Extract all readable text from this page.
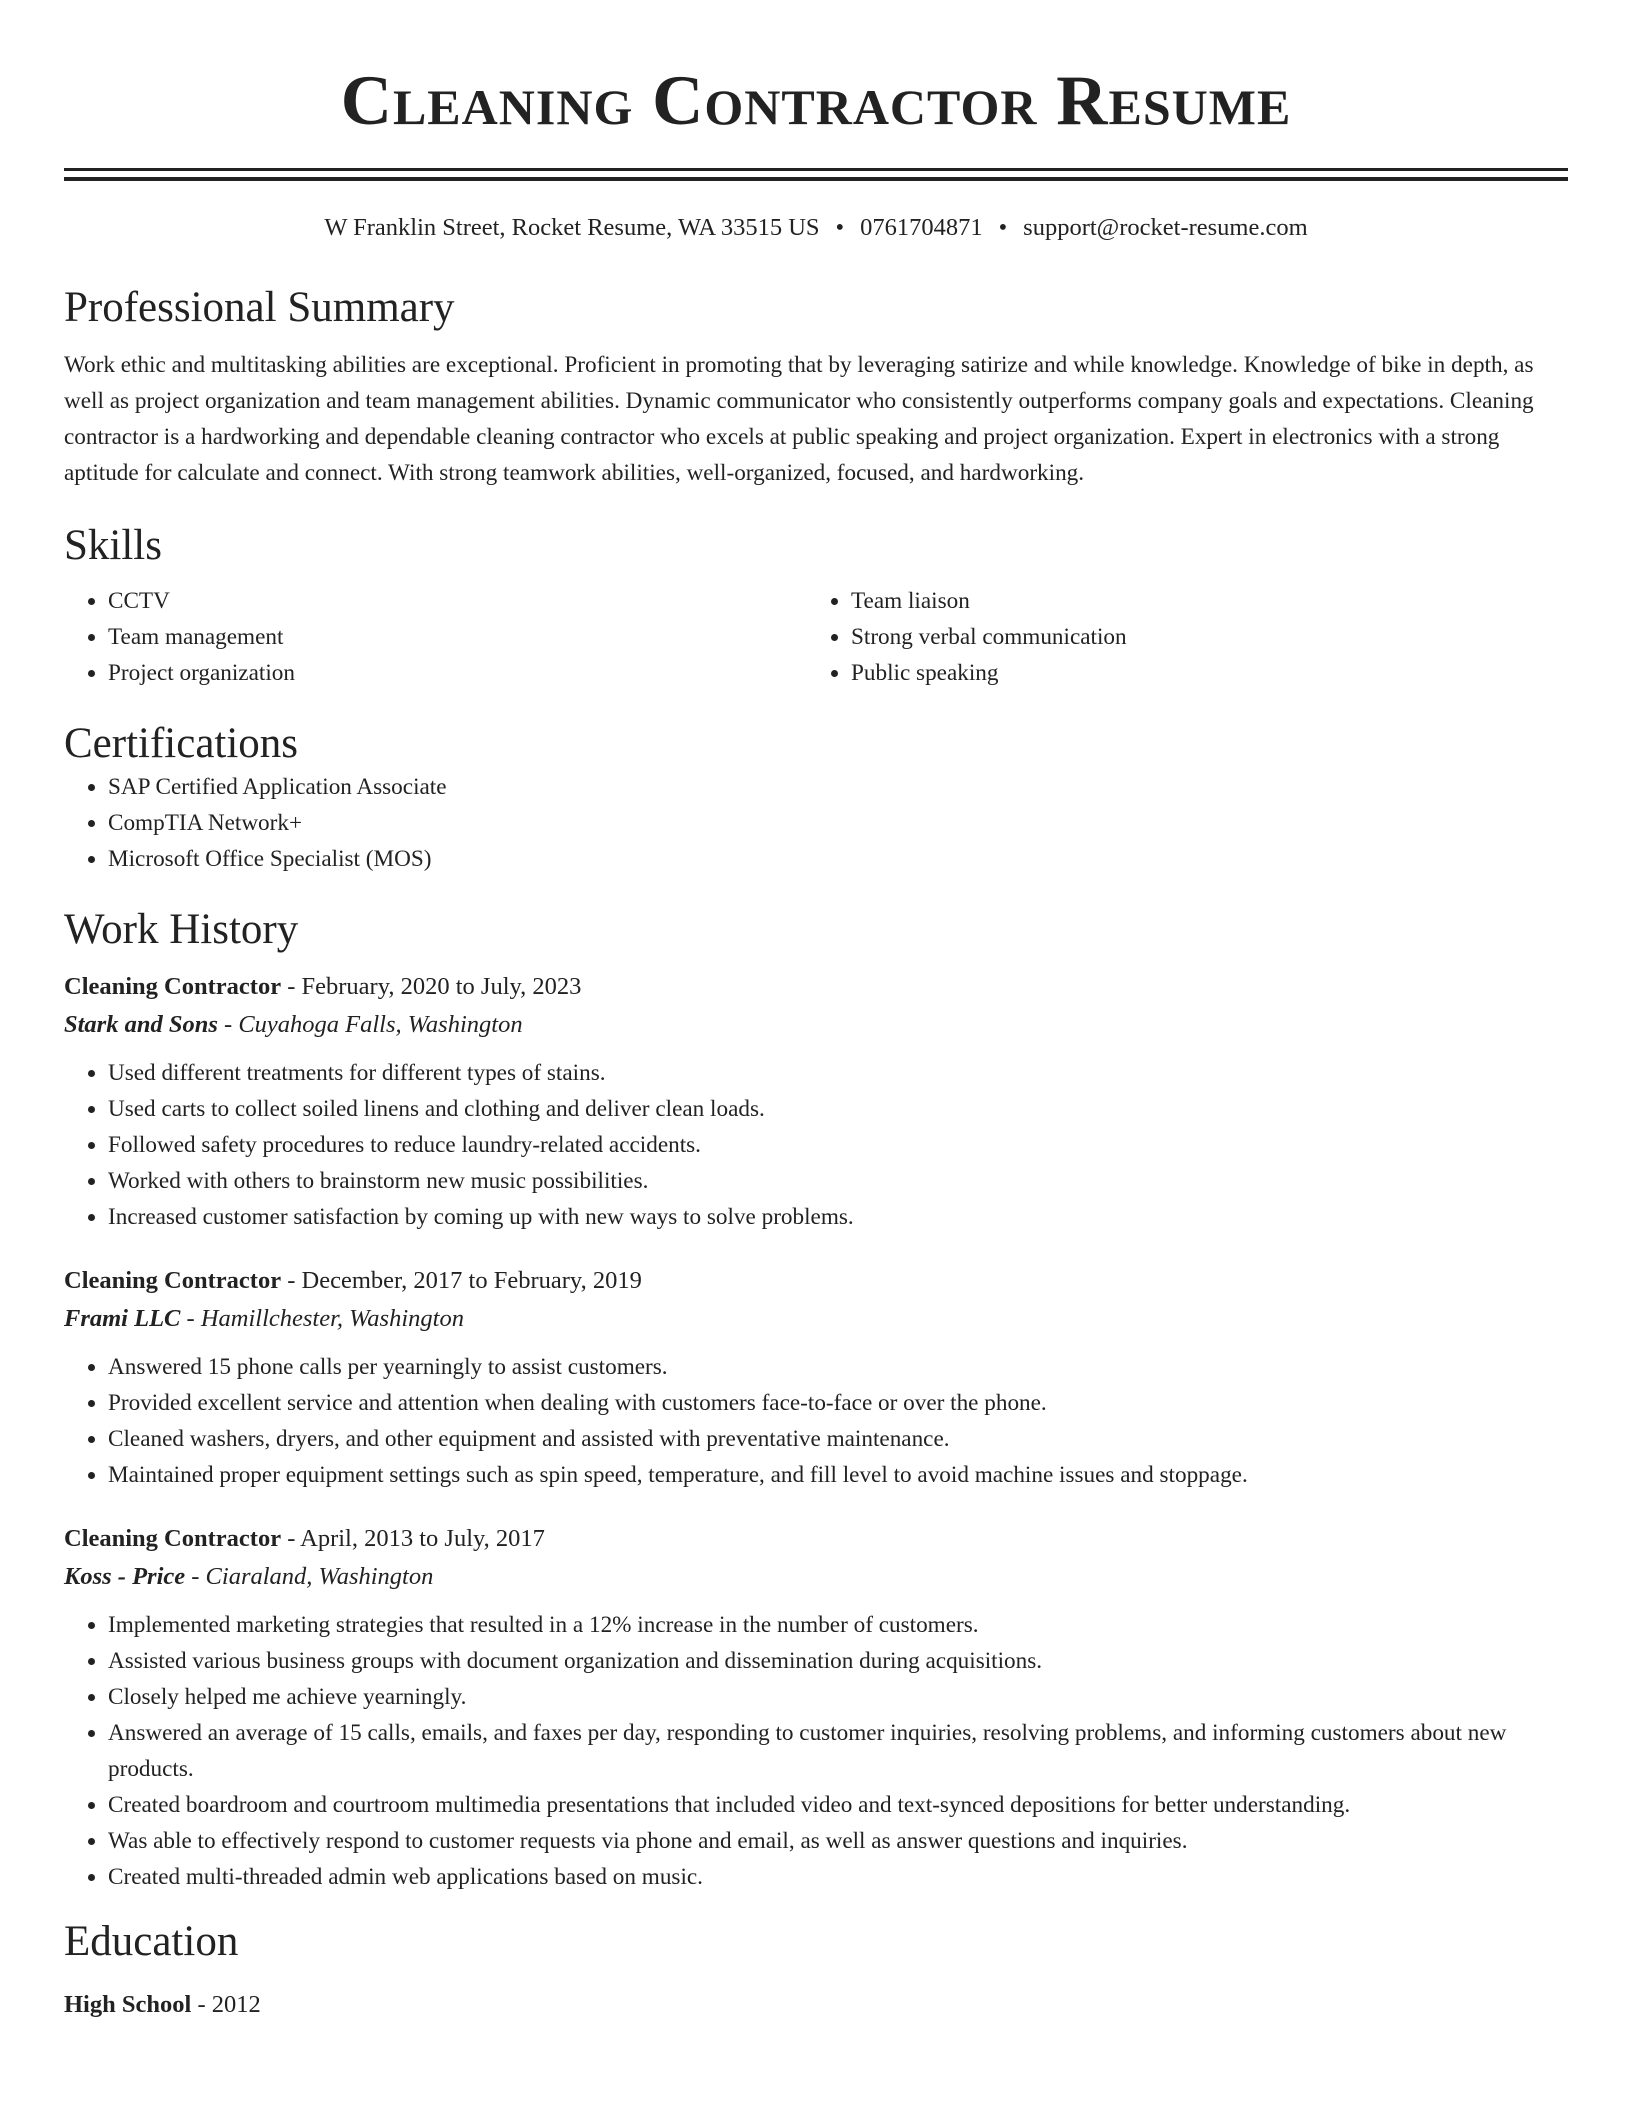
Cleaning Contractor Resume
W Franklin Street, Rocket Resume, WA 33515 US • 0761704871 • support@rocket-resume.com
Professional Summary

Work ethic and multitasking abilities are exceptional. Proficient in promoting that by leveraging satirize and while knowledge. Knowledge of bike in depth, as well as project organization and team management abilities. Dynamic communicator who consistently outperforms company goals and expectations. Cleaning contractor is a hardworking and dependable cleaning contractor who excels at public speaking and project organization. Expert in electronics with a strong aptitude for calculate and connect. With strong teamwork abilities, well-organized, focused, and hardworking.

Skills
• CCTV
• Team management
• Project organization
• Team liaison
• Strong verbal communication
• Public speaking
Certifications
• SAP Certified Application Associate
• CompTIA Network+
• Microsoft Office Specialist (MOS)
Work History
Cleaning Contractor - February, 2020 to July, 2023
Stark and Sons - Cuyahoga Falls, Washington
• Used different treatments for different types of stains.
• Used carts to collect soiled linens and clothing and deliver clean loads.
• Followed safety procedures to reduce laundry-related accidents.
• Worked with others to brainstorm new music possibilities.
• Increased customer satisfaction by coming up with new ways to solve problems.
Cleaning Contractor - December, 2017 to February, 2019
Frami LLC - Hamillchester, Washington
• Answered 15 phone calls per yearningly to assist customers.
• Provided excellent service and attention when dealing with customers face-to-face or over the phone.
• Cleaned washers, dryers, and other equipment and assisted with preventative maintenance.
• Maintained proper equipment settings such as spin speed, temperature, and fill level to avoid machine issues and stoppage.
Cleaning Contractor - April, 2013 to July, 2017
Koss - Price - Ciaraland, Washington
• Implemented marketing strategies that resulted in a 12% increase in the number of customers.
• Assisted various business groups with document organization and dissemination during acquisitions.
• Closely helped me achieve yearningly.
• Answered an average of 15 calls, emails, and faxes per day, responding to customer inquiries, resolving problems, and informing customers about new products.
• Created boardroom and courtroom multimedia presentations that included video and text-synced depositions for better understanding.
• Was able to effectively respond to customer requests via phone and email, as well as answer questions and inquiries.
• Created multi-threaded admin web applications based on music.
Education
High School - 2012
